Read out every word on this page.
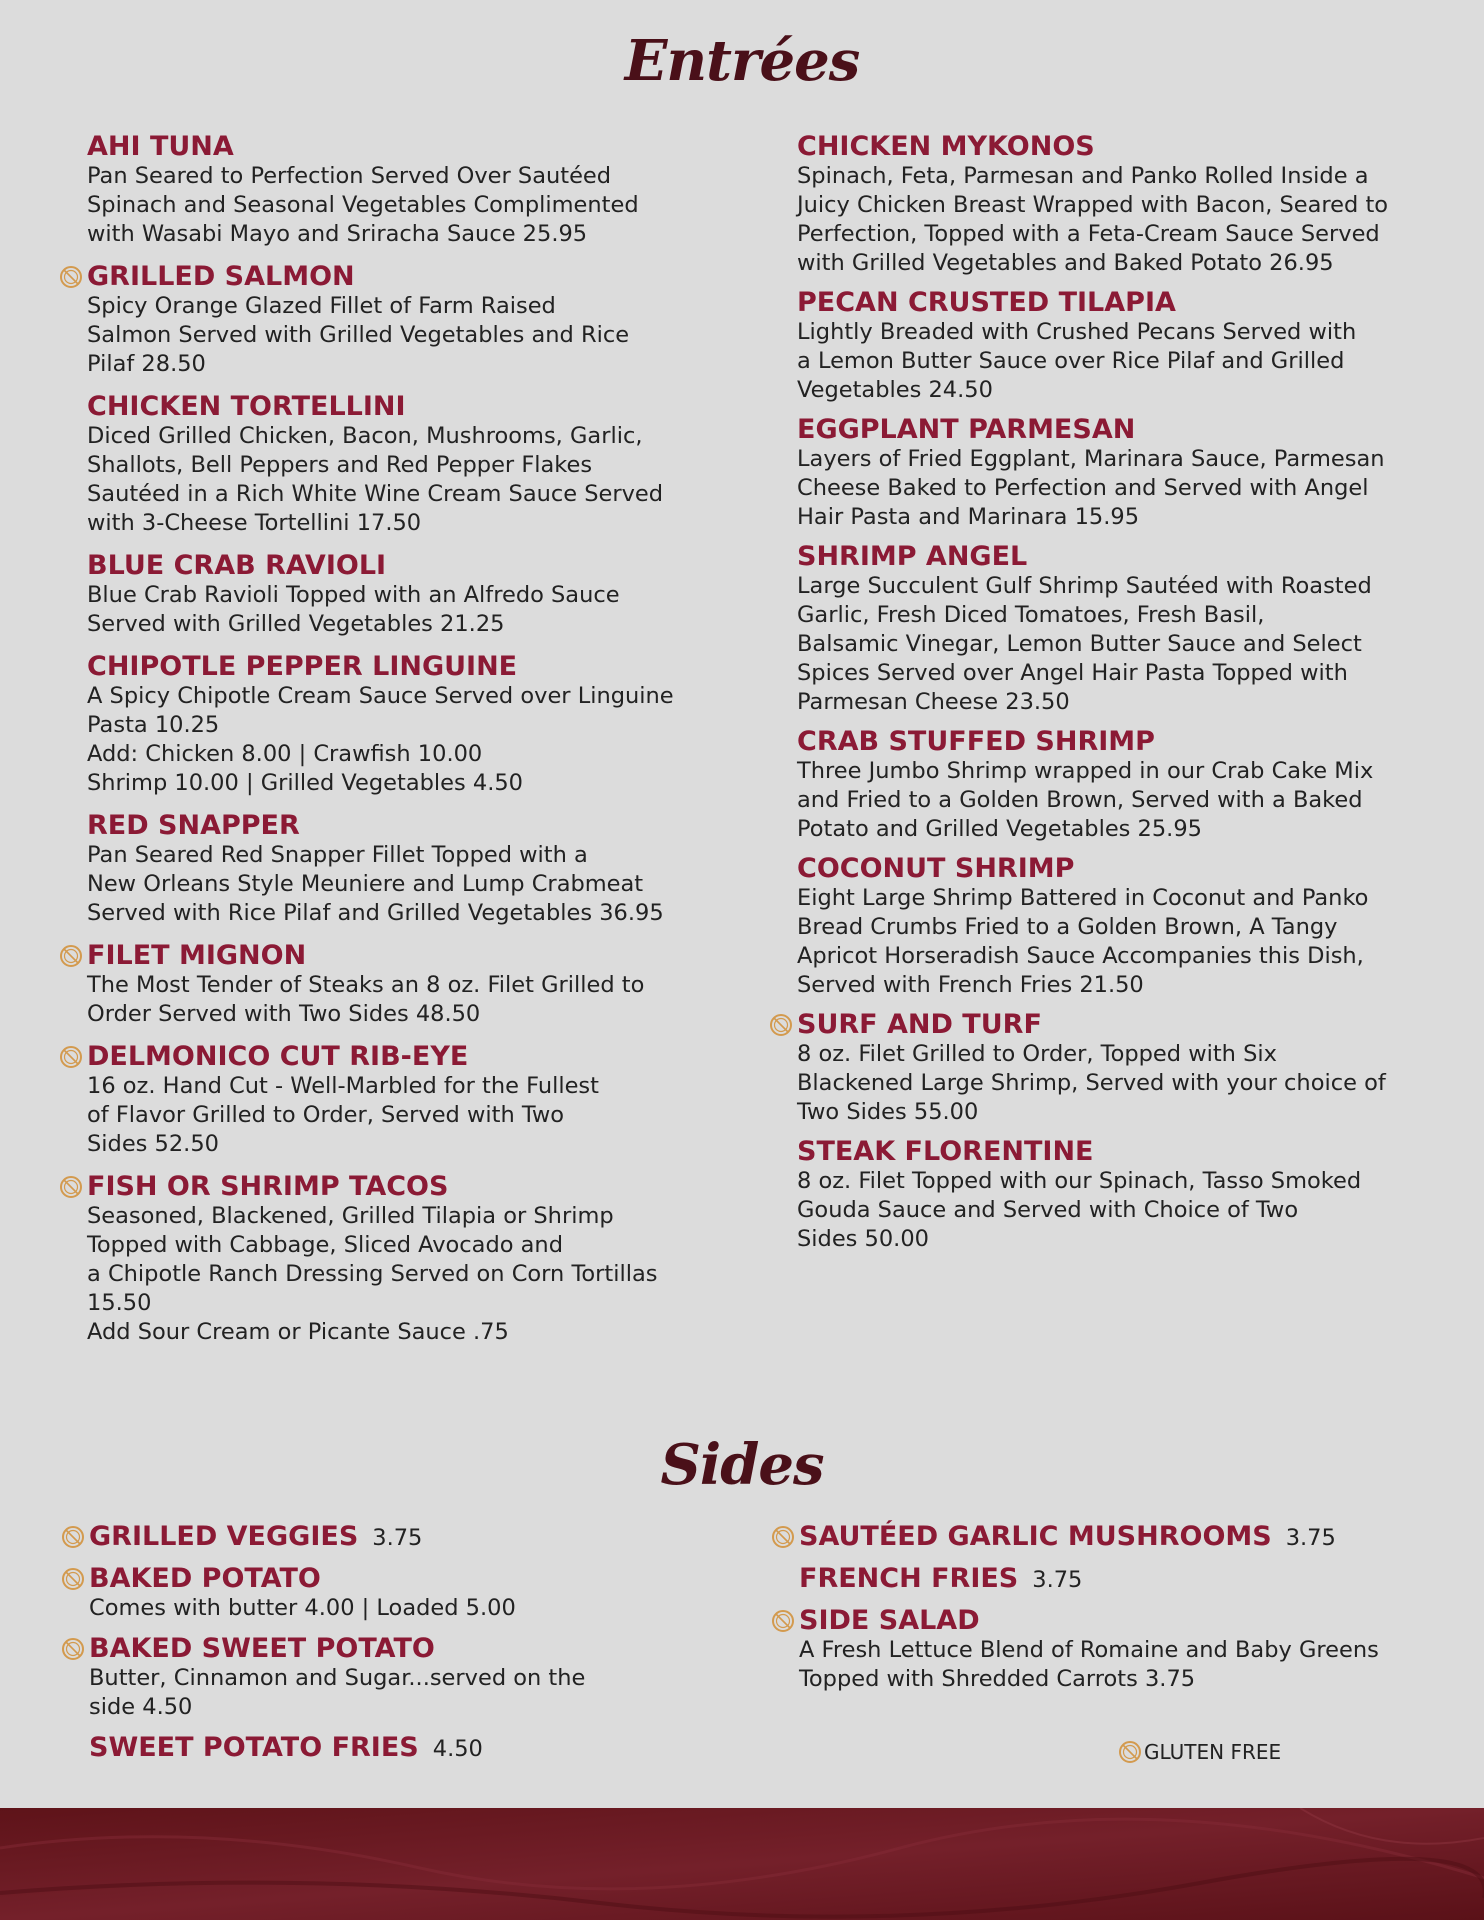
Entrées
AHI TUNA
Pan Seared to Perfection Served Over Sautéed
Spinach and Seasonal Vegetables Complimented
with Wasabi Mayo and Sriracha Sauce 25.95
GRILLED SALMON
Spicy Orange Glazed Fillet of Farm Raised
Salmon Served with Grilled Vegetables and Rice
Pilaf 28.50
CHICKEN TORTELLINI
Diced Grilled Chicken, Bacon, Mushrooms, Garlic,
Shallots, Bell Peppers and Red Pepper Flakes
Sautéed in a Rich White Wine Cream Sauce Served
with 3-Cheese Tortellini 17.50
BLUE CRAB RAVIOLI
Blue Crab Ravioli Topped with an Alfredo Sauce
Served with Grilled Vegetables 21.25
CHIPOTLE PEPPER LINGUINE
A Spicy Chipotle Cream Sauce Served over Linguine
Pasta 10.25
Add: Chicken 8.00 | Crawfish 10.00
Shrimp 10.00 | Grilled Vegetables 4.50
RED SNAPPER
Pan Seared Red Snapper Fillet Topped with a
New Orleans Style Meuniere and Lump Crabmeat
Served with Rice Pilaf and Grilled Vegetables 36.95
FILET MIGNON
The Most Tender of Steaks an 8 oz. Filet Grilled to
Order Served with Two Sides 48.50
DELMONICO CUT RIB-EYE
16 oz. Hand Cut - Well-Marbled for the Fullest
of Flavor Grilled to Order, Served with Two
Sides 52.50
FISH OR SHRIMP TACOS
Seasoned, Blackened, Grilled Tilapia or Shrimp
Topped with Cabbage, Sliced Avocado and
a Chipotle Ranch Dressing Served on Corn Tortillas
15.50
Add Sour Cream or Picante Sauce .75
CHICKEN MYKONOS
Spinach, Feta, Parmesan and Panko Rolled Inside a
Juicy Chicken Breast Wrapped with Bacon, Seared to
Perfection, Topped with a Feta-Cream Sauce Served
with Grilled Vegetables and Baked Potato 26.95
PECAN CRUSTED TILAPIA
Lightly Breaded with Crushed Pecans Served with
a Lemon Butter Sauce over Rice Pilaf and Grilled
Vegetables 24.50
EGGPLANT PARMESAN
Layers of Fried Eggplant, Marinara Sauce, Parmesan
Cheese Baked to Perfection and Served with Angel
Hair Pasta and Marinara 15.95
SHRIMP ANGEL
Large Succulent Gulf Shrimp Sautéed with Roasted
Garlic, Fresh Diced Tomatoes, Fresh Basil,
Balsamic Vinegar, Lemon Butter Sauce and Select
Spices Served over Angel Hair Pasta Topped with
Parmesan Cheese 23.50
CRAB STUFFED SHRIMP
Three Jumbo Shrimp wrapped in our Crab Cake Mix
and Fried to a Golden Brown, Served with a Baked
Potato and Grilled Vegetables 25.95
COCONUT SHRIMP
Eight Large Shrimp Battered in Coconut and Panko
Bread Crumbs Fried to a Golden Brown, A Tangy
Apricot Horseradish Sauce Accompanies this Dish,
Served with French Fries 21.50
SURF AND TURF
8 oz. Filet Grilled to Order, Topped with Six
Blackened Large Shrimp, Served with your choice of
Two Sides 55.00
STEAK FLORENTINE
8 oz. Filet Topped with our Spinach, Tasso Smoked
Gouda Sauce and Served with Choice of Two
Sides 50.00
Sides
GRILLED VEGGIES 3.75
BAKED POTATO
Comes with butter 4.00 | Loaded 5.00
BAKED SWEET POTATO
Butter, Cinnamon and Sugar...served on the
side 4.50
SWEET POTATO FRIES 4.50
SAUTÉED GARLIC MUSHROOMS 3.75
FRENCH FRIES 3.75
SIDE SALAD
A Fresh Lettuce Blend of Romaine and Baby Greens
Topped with Shredded Carrots 3.75
GLUTEN FREE
